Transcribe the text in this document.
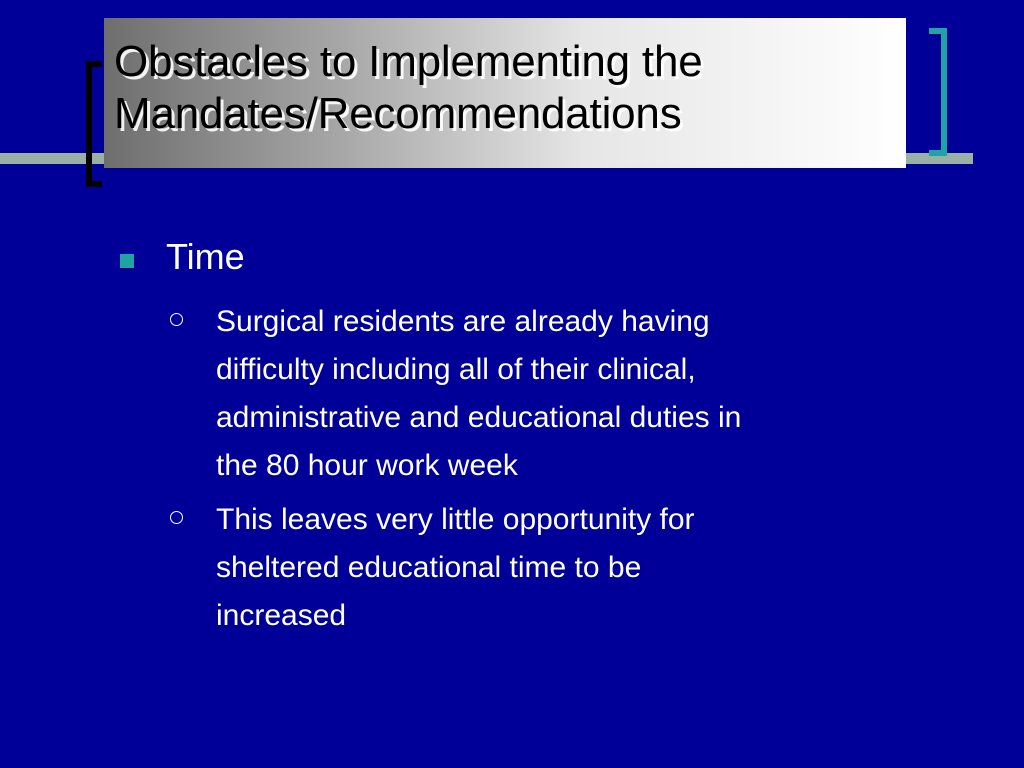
Obstacles to Implementing the
Mandates/Recommendations
Time
Surgical residents are already having
difficulty including all of their clinical,
administrative and educational duties in
the 80 hour work week
This leaves very little opportunity for
sheltered educational time to be
increased
